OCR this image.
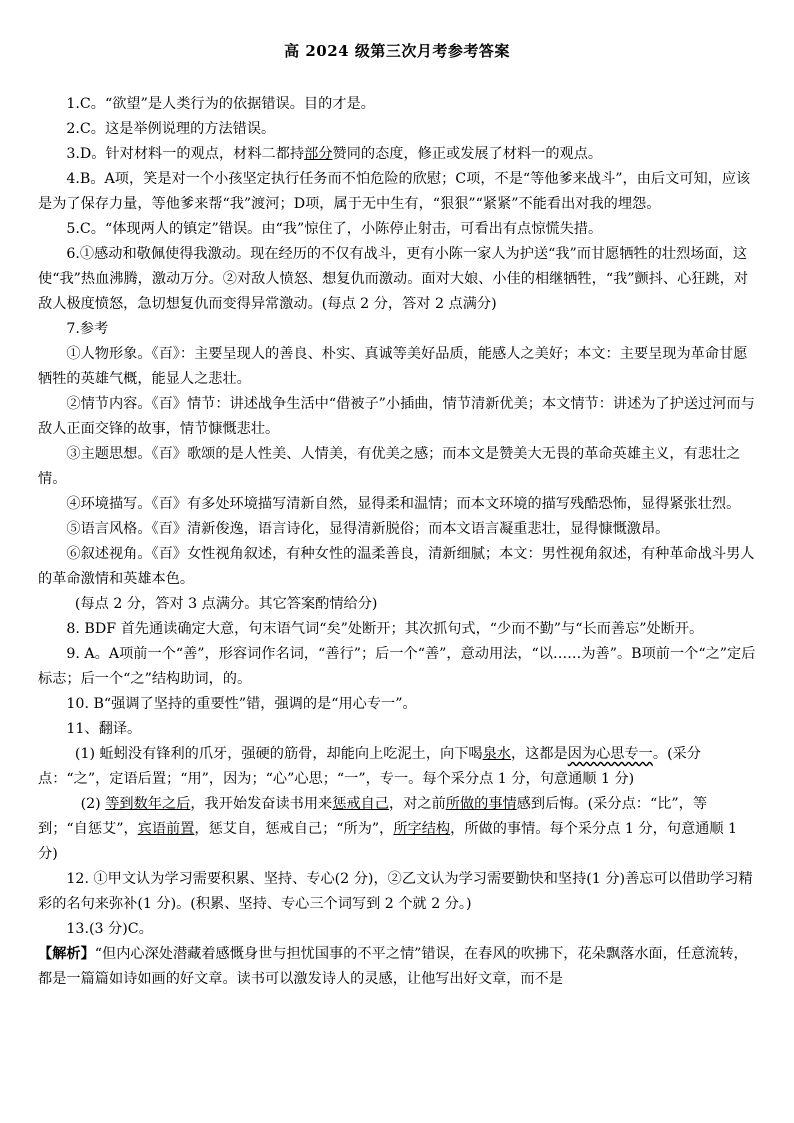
高 2024 级第三次月考参考答案

1.C。“欲望”是人类行为的依据错误。目的才是。

2.C。这是举例说理的方法错误。

3.D。针对材料一的观点，材料二都持部分赞同的态度，修正或发展了材料一的观点。

4.B。A项，笑是对一个小孩坚定执行任务而不怕危险的欣慰；C项，不是“等他爹来战斗”，由后文可知，应该是为了保存力量，等他爹来帮“我”渡河；D项，属于无中生有，“狠狠”“紧紧”不能看出对我的埋怨。

5.C。“体现两人的镇定”错误。由“我”惊住了，小陈停止射击，可看出有点惊慌失措。

6.①感动和敬佩使得我激动。现在经历的不仅有战斗，更有小陈一家人为护送“我”而甘愿牺牲的壮烈场面，这使“我”热血沸腾，激动万分。②对敌人愤怒、想复仇而激动。面对大娘、小佳的相继牺牲，“我”颤抖、心狂跳，对敌人极度愤怒，急切想复仇而变得异常激动。(每点 2 分，答对 2 点满分)

7.参考

①人物形象。《百》：主要呈现人的善良、朴实、真诚等美好品质，能感人之美好；本文：主要呈现为革命甘愿牺牲的英雄气概，能显人之悲壮。

②情节内容。《百》情节：讲述战争生活中“借被子”小插曲，情节清新优美；本文情节：讲述为了护送过河而与敌人正面交锋的故事，情节慷慨悲壮。

③主题思想。《百》歌颂的是人性美、人情美，有优美之感；而本文是赞美大无畏的革命英雄主义，有悲壮之情。

④环境描写。《百》有多处环境描写清新自然，显得柔和温情；而本文环境的描写残酷恐怖，显得紧张壮烈。

⑤语言风格。《百》清新俊逸，语言诗化，显得清新脱俗；而本文语言凝重悲壮，显得慷慨激昂。

⑥叙述视角。《百》女性视角叙述，有种女性的温柔善良，清新细腻；本文：男性视角叙述，有种革命战斗男人的革命激情和英雄本色。

(每点 2 分，答对 3 点满分。其它答案酌情给分)

8. BDF 首先通读确定大意，句末语气词“矣”处断开；其次抓句式，“少而不勤”与“长而善忘”处断开。

9. A。A项前一个“善”，形容词作名词，“善行”；后一个“善”，意动用法，“以……为善”。B项前一个“之”定后标志；后一个“之”结构助词，的。

10. B“强调了坚持的重要性”错，强调的是“用心专一”。

11、翻译。

(1) 蚯蚓没有锋利的爪牙，强硬的筋骨，却能向上吃泥土，向下喝泉水，这都是因为心思专一。(采分点：“之”，定语后置；“用”，因为；“心”心思；“一”，专一。每个采分点 1 分，句意通顺 1 分)

(2) 等到数年之后，我开始发奋读书用来惩戒自己，对之前所做的事情感到后悔。(采分点：“比”，等到；“自惩艾”，宾语前置，惩艾自，惩戒自己；“所为”，所字结构，所做的事情。每个采分点 1 分，句意通顺 1 分)

12. ①甲文认为学习需要积累、坚持、专心(2 分)，②乙文认为学习需要勤快和坚持(1 分)善忘可以借助学习精彩的名句来弥补(1 分)。(积累、坚持、专心三个词写到 2 个就 2 分。)

13.(3 分)C。

【解析】“但内心深处潜藏着感慨身世与担忧国事的不平之情”错误，在春风的吹拂下，花朵飘落水面，任意流转，都是一篇篇如诗如画的好文章。读书可以激发诗人的灵感，让他写出好文章，而不是
